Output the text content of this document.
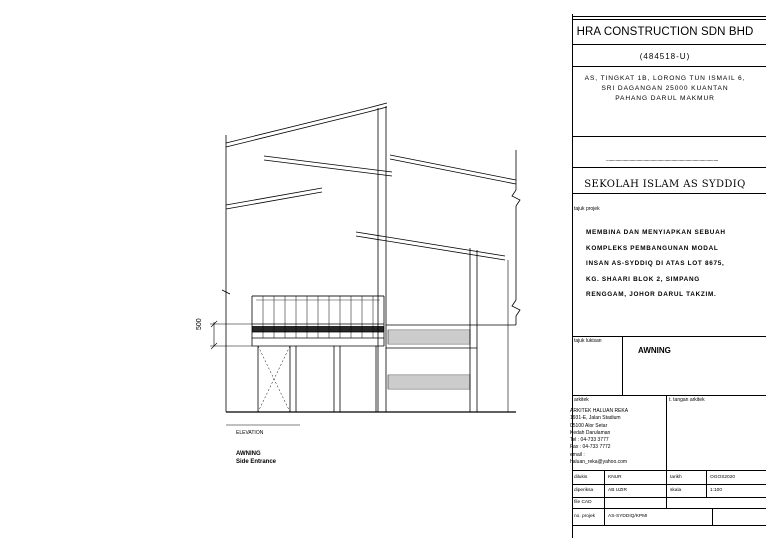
500
ELEVATION
AWNING
Side Entrance
HRA CONSTRUCTION SDN BHD
(484518-U)
AS, TINGKAT 1B, LORONG TUN ISMAIL 6,
SRI DAGANGAN 25000 KUANTAN
PAHANG DARUL MAKMUR
................................................................................................
SEKOLAH ISLAM AS SYDDIQ
tajuk projek
MEMBINA DAN MENYIAPKAN SEBUAH
KOMPLEKS PEMBANGUNAN MODAL
INSAN AS-SYDDIQ DI ATAS LOT 8675,
KG. SHAARI BLOK 2, SIMPANG
RENGGAM, JOHOR DARUL TAKZIM.
tajuk lukisan
AWNING
arkitek	t. tangan arkitek
ARKITEK HALUAN REKA
1931-E, Jalan Stadium
05100 Alor Setar
Kedah Darulaman
Tel : 04-733 3777
Fax : 04-733 7772
email :
haluan_reka@yahoo.com
dilukis	KNUR	tarikh	OGOS2020
diperiksa	AB UZIR	skala	1:100
file CAD
no. projek	AS-SYDDIQ/KPMI
